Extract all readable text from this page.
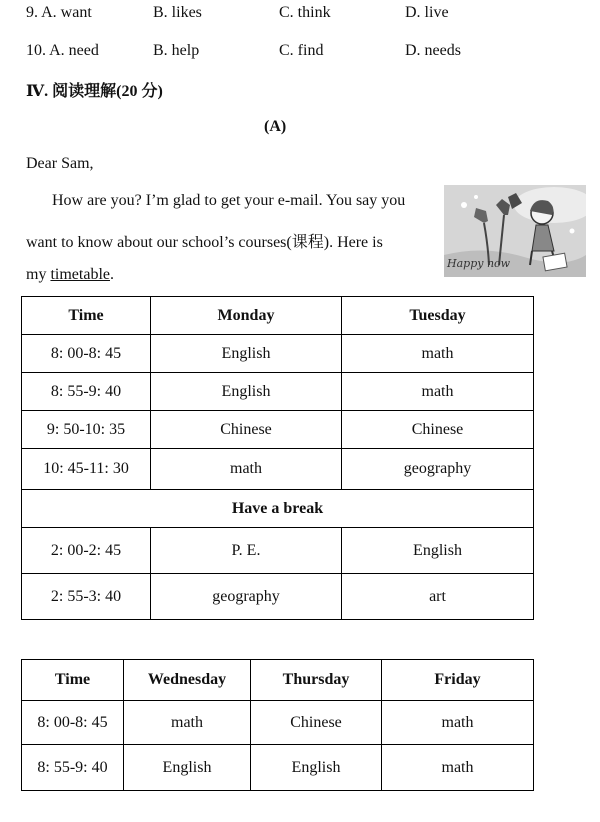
9. A. want	B. likes	C. think	D. live
10. A. need	B. help	C. find	D. needs
Ⅳ. 阅读理解(20 分)
(A)
Dear Sam,
How are you? I’m glad to get your e-mail. You say you
want to know about our school’s courses(课程). Here is
my timetable.
Happy now
Time	Monday	Tuesday
8: 00-8: 45	English	math
8: 55-9: 40	English	math
9: 50-10: 35	Chinese	Chinese
10: 45-11: 30	math	geography
Have a break		
2: 00-2: 45	P. E.	English
2: 55-3: 40	geography	art
Time	Wednesday	Thursday	Friday
8: 00-8: 45	math	Chinese	math
8: 55-9: 40	English	English	math
